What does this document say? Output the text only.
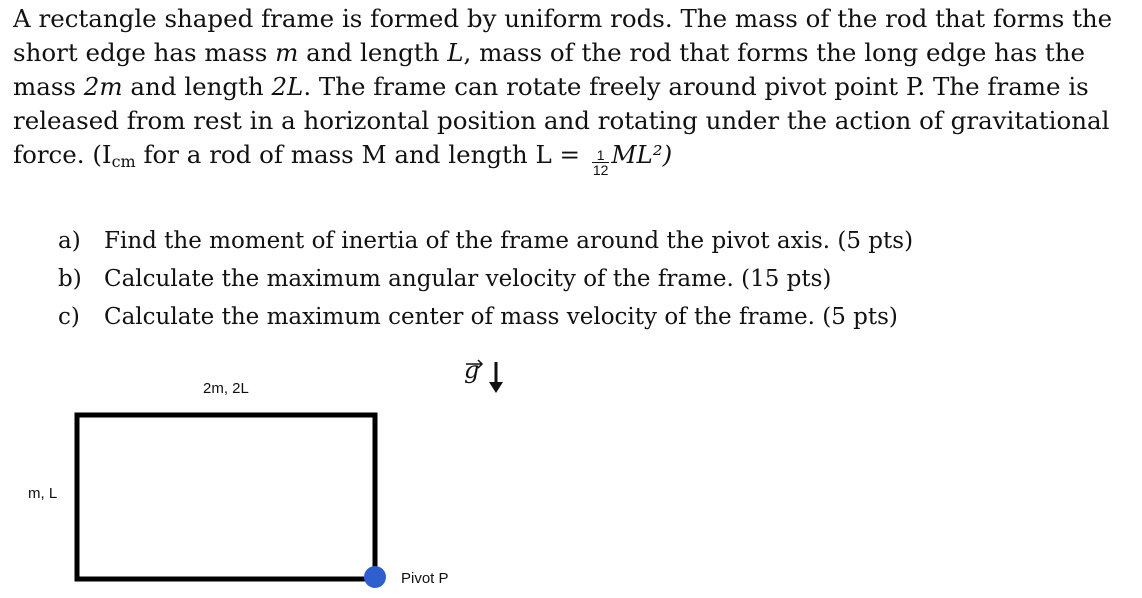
A rectangle shaped frame is formed by uniform rods. The mass of the rod that forms the

short edge has mass m and length L, mass of the rod that forms the long edge has the

mass 2m and length 2L. The frame can rotate freely around pivot point P. The frame is

released from rest in a horizontal position and rotating under the action of gravitational

force. ($I_{cm}$ for a rod of mass M and length $L = \frac{1}{12} ML^2$)

a) Find the moment of inertia of the frame around the pivot axis. (5 pts)
b) Calculate the maximum angular velocity of the frame. (15 pts)
c) Calculate the maximum center of mass velocity of the frame. (5 pts)
g
2m, 2L
m, L
Pivot P
